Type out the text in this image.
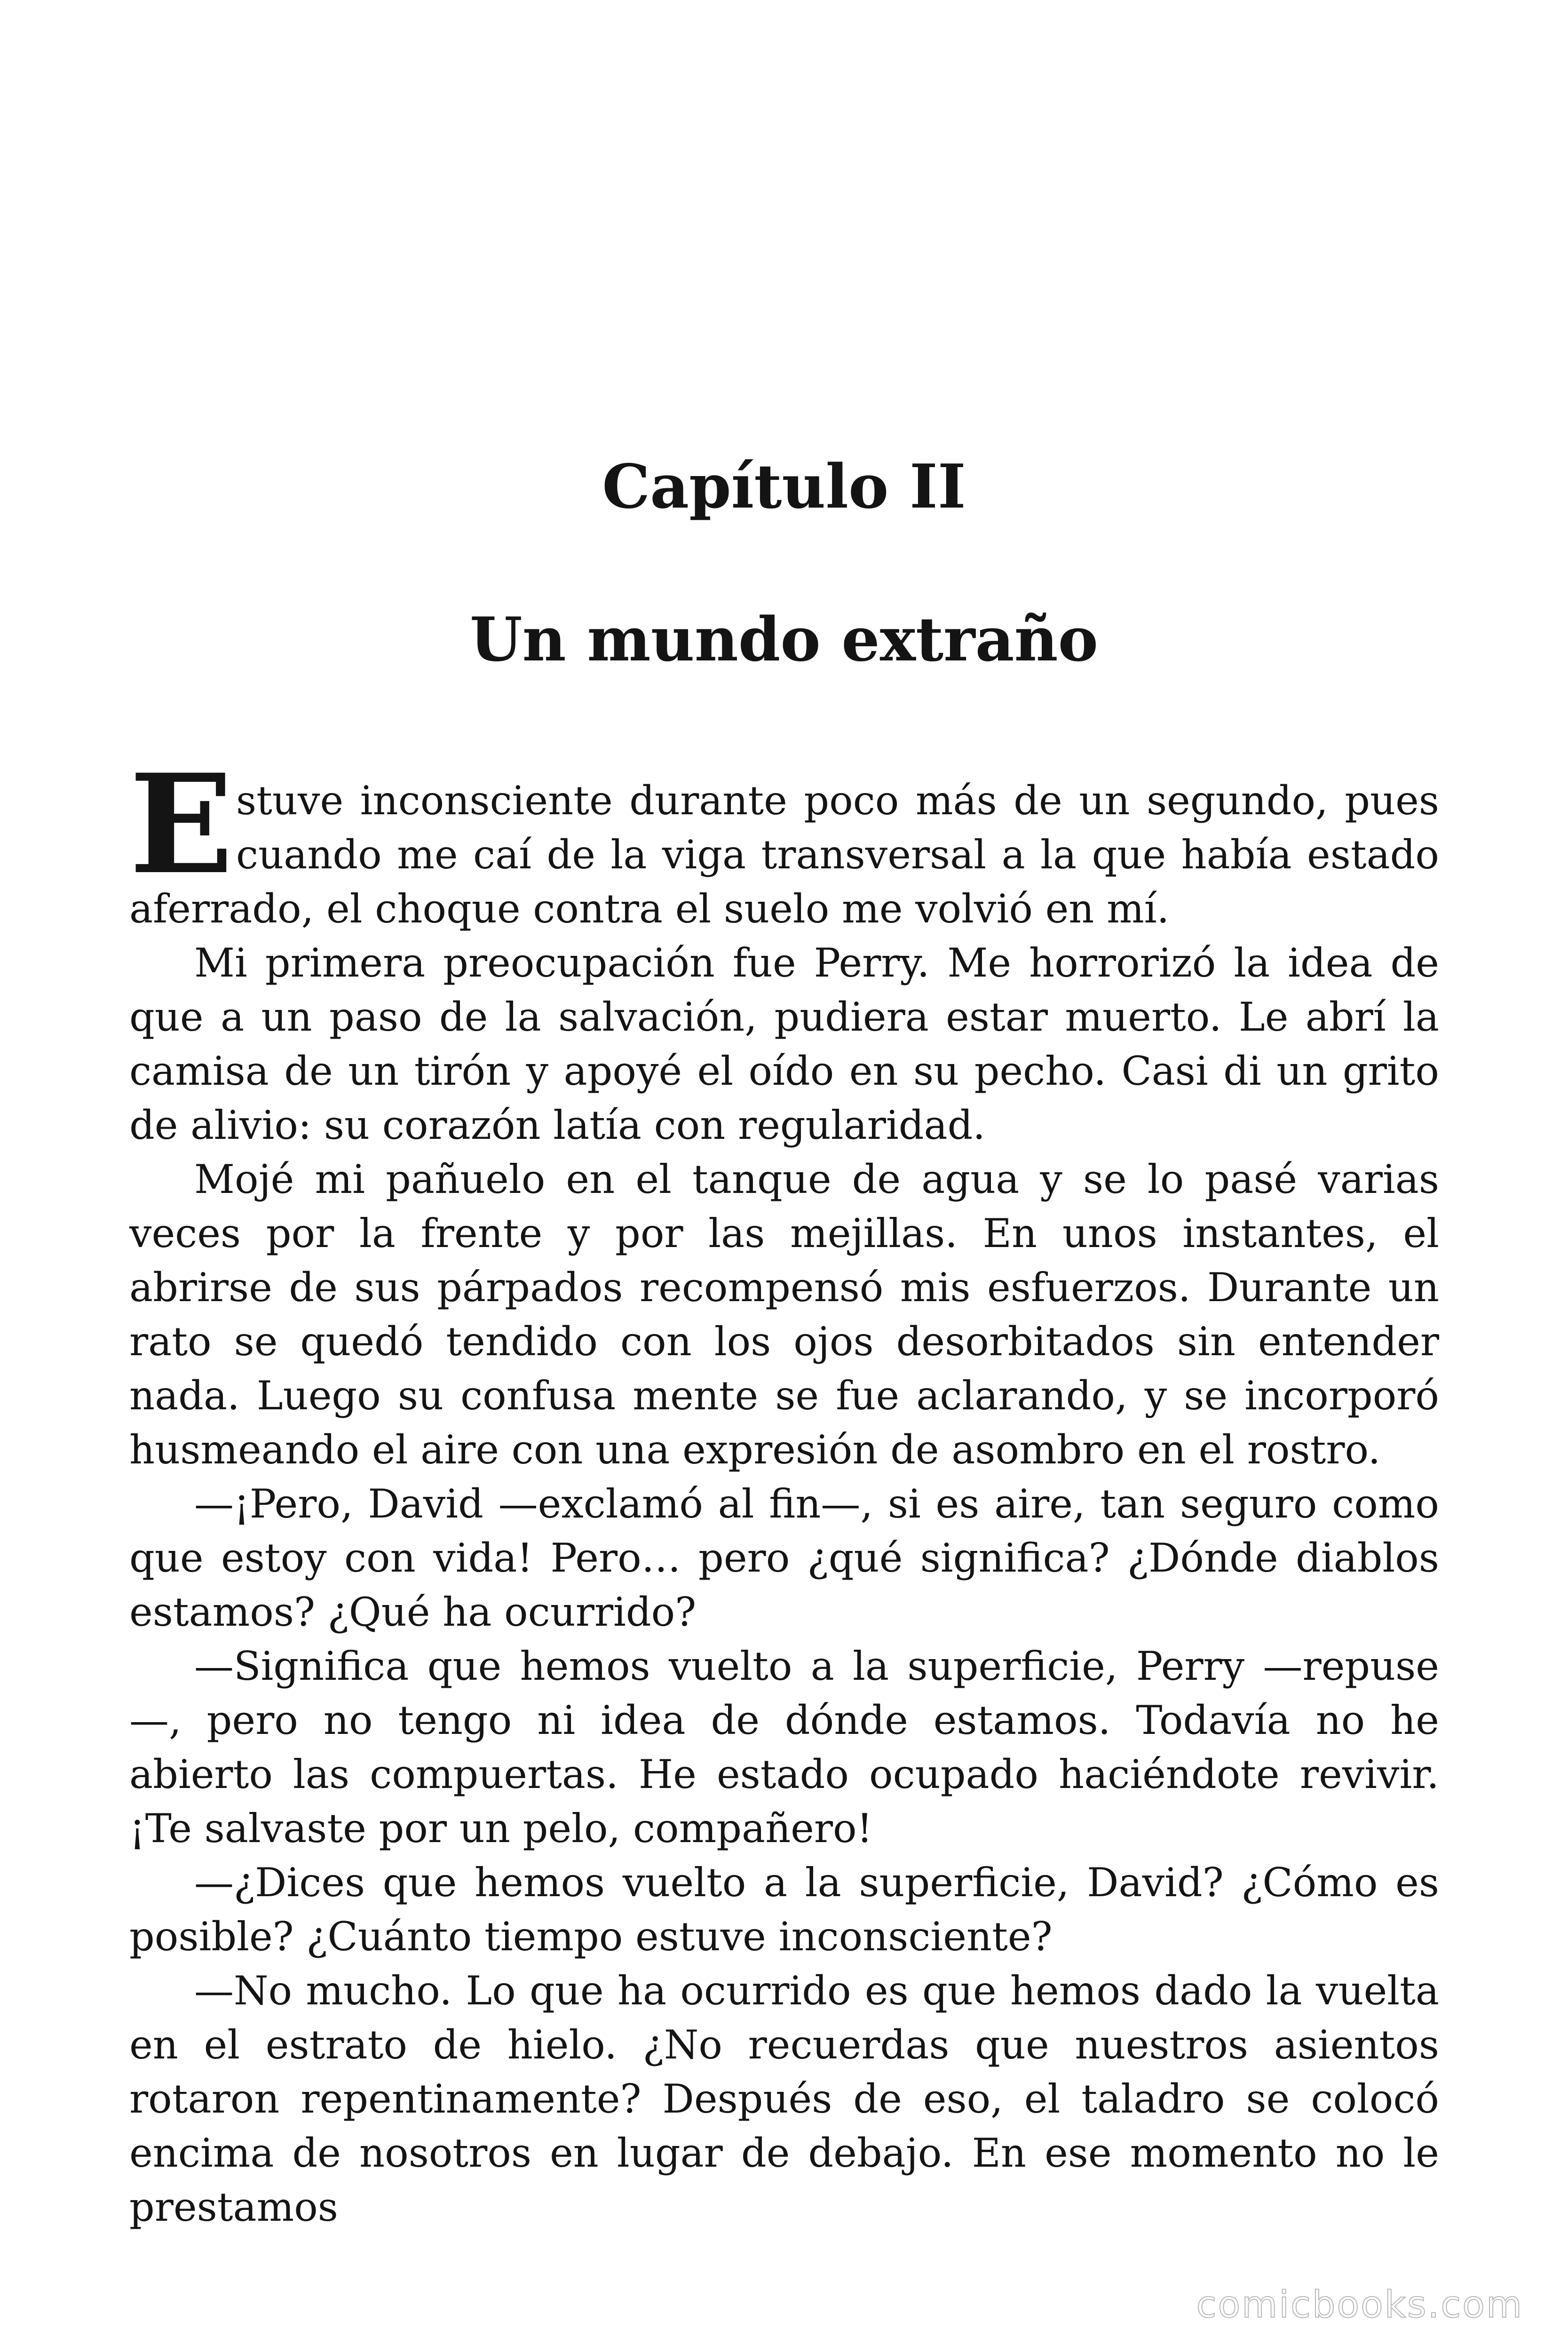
Capítulo II
Un mundo extraño

Estuve inconsciente durante poco más de un segundo, pues cuando me caí de la viga transversal a la que había estado aferrado, el choque contra el suelo me volvió en mí.

Mi primera preocupación fue Perry. Me horrorizó la idea de que a un paso de la salvación, pudiera estar muerto. Le abrí la camisa de un tirón y apoyé el oído en su pecho. Casi di un grito de alivio: su corazón latía con regularidad.

Mojé mi pañuelo en el tanque de agua y se lo pasé varias veces por la frente y por las mejillas. En unos instantes, el abrirse de sus párpados recompensó mis esfuerzos. Durante un rato se quedó tendido con los ojos desorbitados sin entender nada. Luego su confusa mente se fue aclarando, y se incorporó husmeando el aire con una expresión de asombro en el rostro.

—¡Pero, David —exclamó al fin—, si es aire, tan seguro como que estoy con vida! Pero… pero ¿qué significa? ¿Dónde diablos estamos? ¿Qué ha ocurrido?

—Significa que hemos vuelto a la superficie, Perry —repuse—, pero no tengo ni idea de dónde estamos. Todavía no he abierto las compuertas. He estado ocupado haciéndote revivir. ¡Te salvaste por un pelo, compañero!

—¿Dices que hemos vuelto a la superficie, David? ¿Cómo es posible? ¿Cuánto tiempo estuve inconsciente?

—No mucho. Lo que ha ocurrido es que hemos dado la vuelta en el estrato de hielo. ¿No recuerdas que nuestros asientos rotaron repentinamente? Después de eso, el taladro se colocó encima de nosotros en lugar de debajo. En ese momento no le prestamos

comicbooks.com
